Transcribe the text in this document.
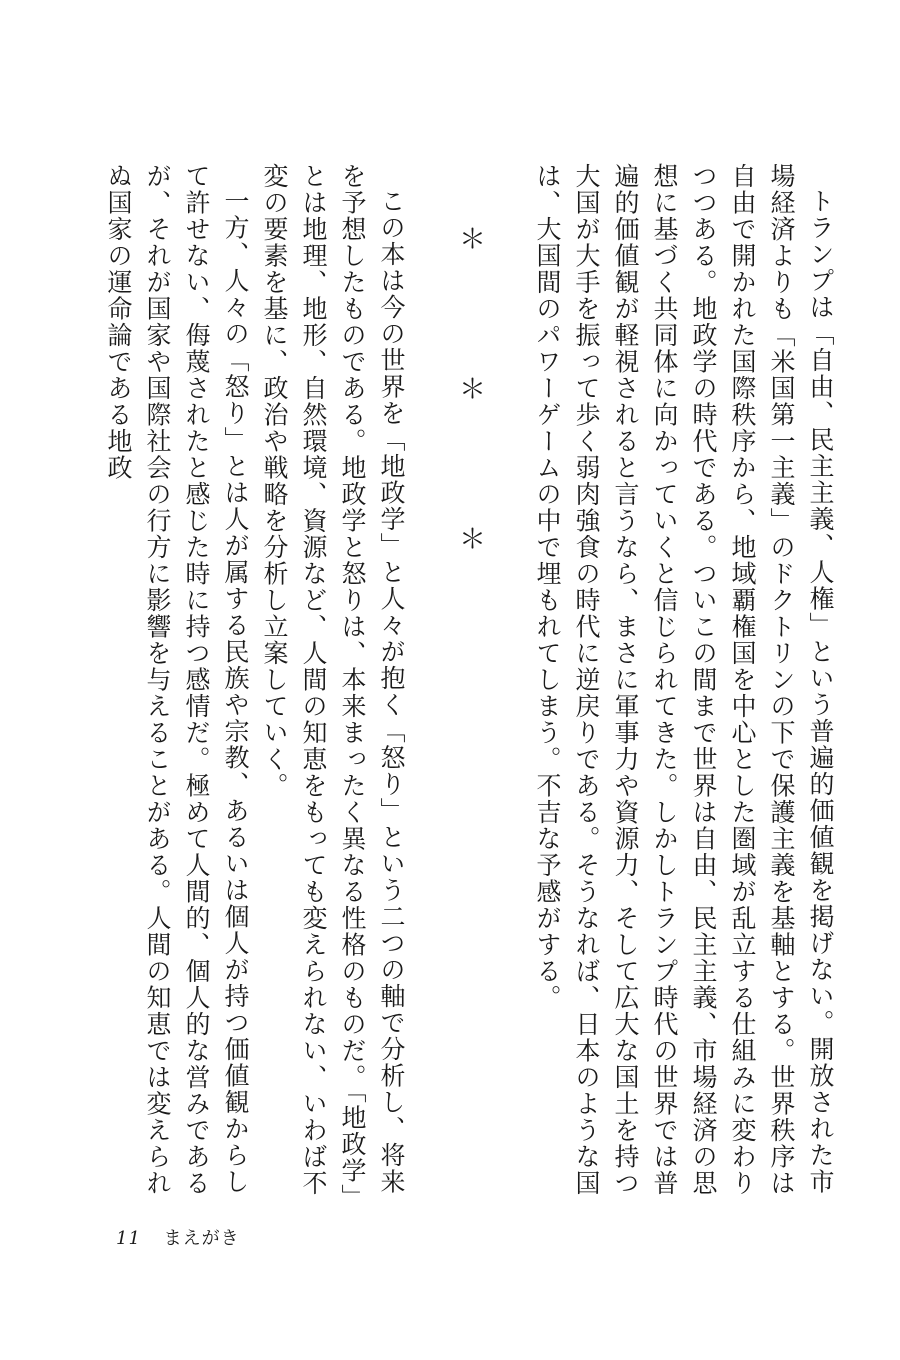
トランプは「自由、民主主義、人権」という普遍的価値観を掲げない。開放された市場経済よりも「米国第一主義」のドクトリンの下で保護主義を基軸とする。世界秩序は自由で開かれた国際秩序から、地域覇権国を中心とした圏域が乱立する仕組みに変わりつつある。地政学の時代である。ついこの間まで世界は自由、民主主義、市場経済の思想に基づく共同体に向かっていくと信じられてきた。しかしトランプ時代の世界では普遍的価値観が軽視されると言うなら、まさに軍事力や資源力、そして広大な国土を持つ大国が大手を振って歩く弱肉強食の時代に逆戻りである。そうなれば、日本のような国は、大国間のパワーゲームの中で埋もれてしまう。不吉な予感がする。

＊　＊　＊

この本は今の世界を「地政学」と人々が抱く「怒り」という二つの軸で分析し、将来を予想したものである。地政学と怒りは、本来まったく異なる性格のものだ。「地政学」とは地理、地形、自然環境、資源など、人間の知恵をもっても変えられない、いわば不変の要素を基に、政治や戦略を分析し立案していく。

一方、人々の「怒り」とは人が属する民族や宗教、あるいは個人が持つ価値観からして許せない、侮蔑されたと感じた時に持つ感情だ。極めて人間的、個人的な営みであるが、それが国家や国際社会の行方に影響を与えることがある。人間の知恵では変えられぬ国家の運命論である地政

11 まえがき
